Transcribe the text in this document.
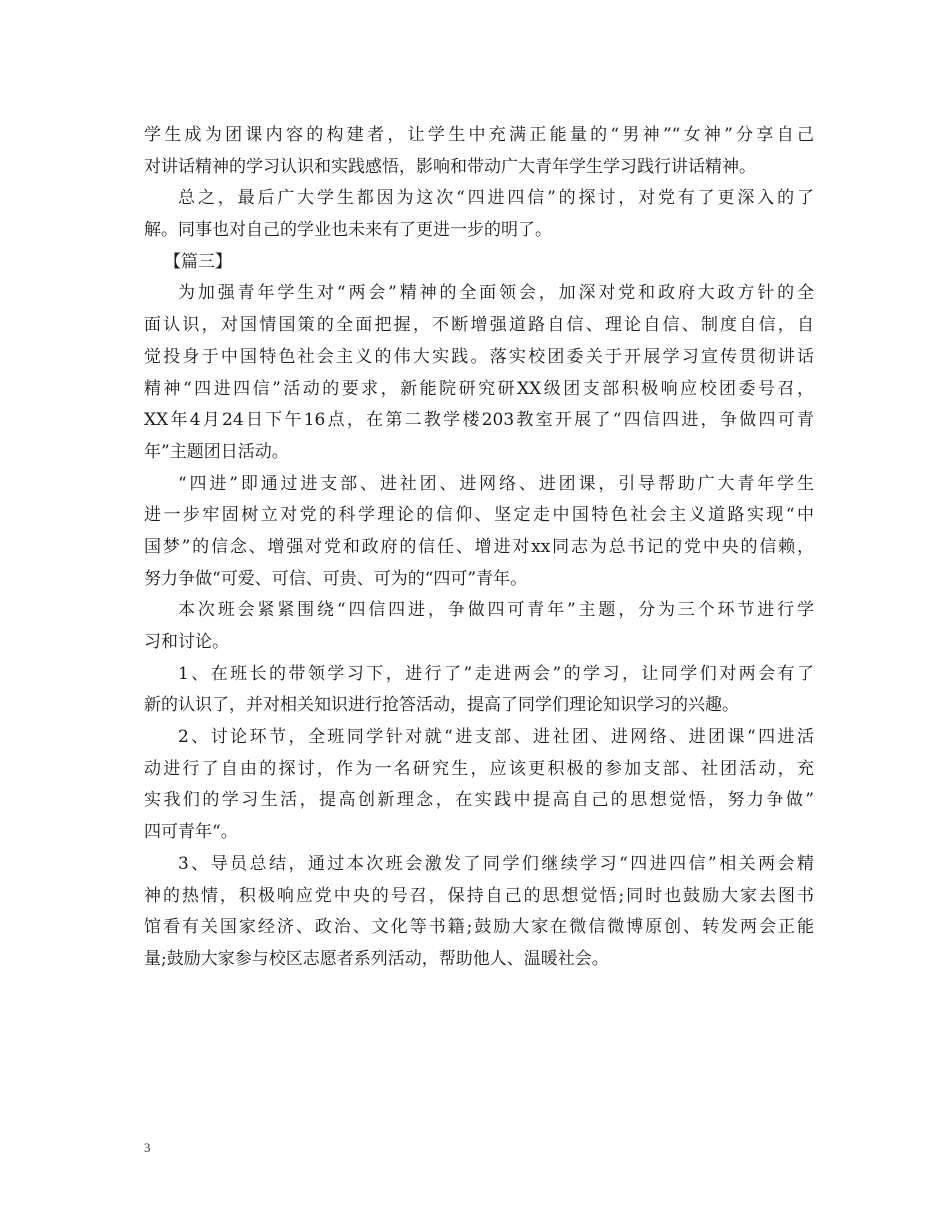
学生成为团课内容的构建者，让学生中充满正能量的“男神”“女神”分享自己
对讲话精神的学习认识和实践感悟，影响和带动广大青年学生学习践行讲话精神。
总之，最后广大学生都因为这次“四进四信”的探讨，对党有了更深入的了
解。同事也对自己的学业也未来有了更进一步的明了。
【篇三】
为加强青年学生对“两会”精神的全面领会，加深对党和政府大政方针的全
面认识，对国情国策的全面把握，不断增强道路自信、理论自信、制度自信，自
觉投身于中国特色社会主义的伟大实践。落实校团委关于开展学习宣传贯彻讲话
精神“四进四信”活动的要求，新能院研究研XX级团支部积极响应校团委号召，
XX年4月24日下午16点，在第二教学楼203教室开展了“四信四进，争做四可青
年”主题团日活动。
“四进”即通过进支部、进社团、进网络、进团课，引导帮助广大青年学生
进一步牢固树立对党的科学理论的信仰、坚定走中国特色社会主义道路实现“中
国梦”的信念、增强对党和政府的信任、增进对xx同志为总书记的党中央的信赖，
努力争做“可爱、可信、可贵、可为的“四可”青年。
本次班会紧紧围绕“四信四进，争做四可青年”主题，分为三个环节进行学
习和讨论。
1、在班长的带领学习下，进行了”走进两会”的学习，让同学们对两会有了
新的认识了，并对相关知识进行抢答活动，提高了同学们理论知识学习的兴趣。
2、讨论环节，全班同学针对就“进支部、进社团、进网络、进团课“四进活
动进行了自由的探讨，作为一名研究生，应该更积极的参加支部、社团活动，充
实我们的学习生活，提高创新理念，在实践中提高自己的思想觉悟，努力争做”
四可青年“。
3、导员总结，通过本次班会激发了同学们继续学习“四进四信”相关两会精
神的热情，积极响应党中央的号召，保持自己的思想觉悟;同时也鼓励大家去图书
馆看有关国家经济、政治、文化等书籍;鼓励大家在微信微博原创、转发两会正能
量;鼓励大家参与校区志愿者系列活动，帮助他人、温暖社会。
3
